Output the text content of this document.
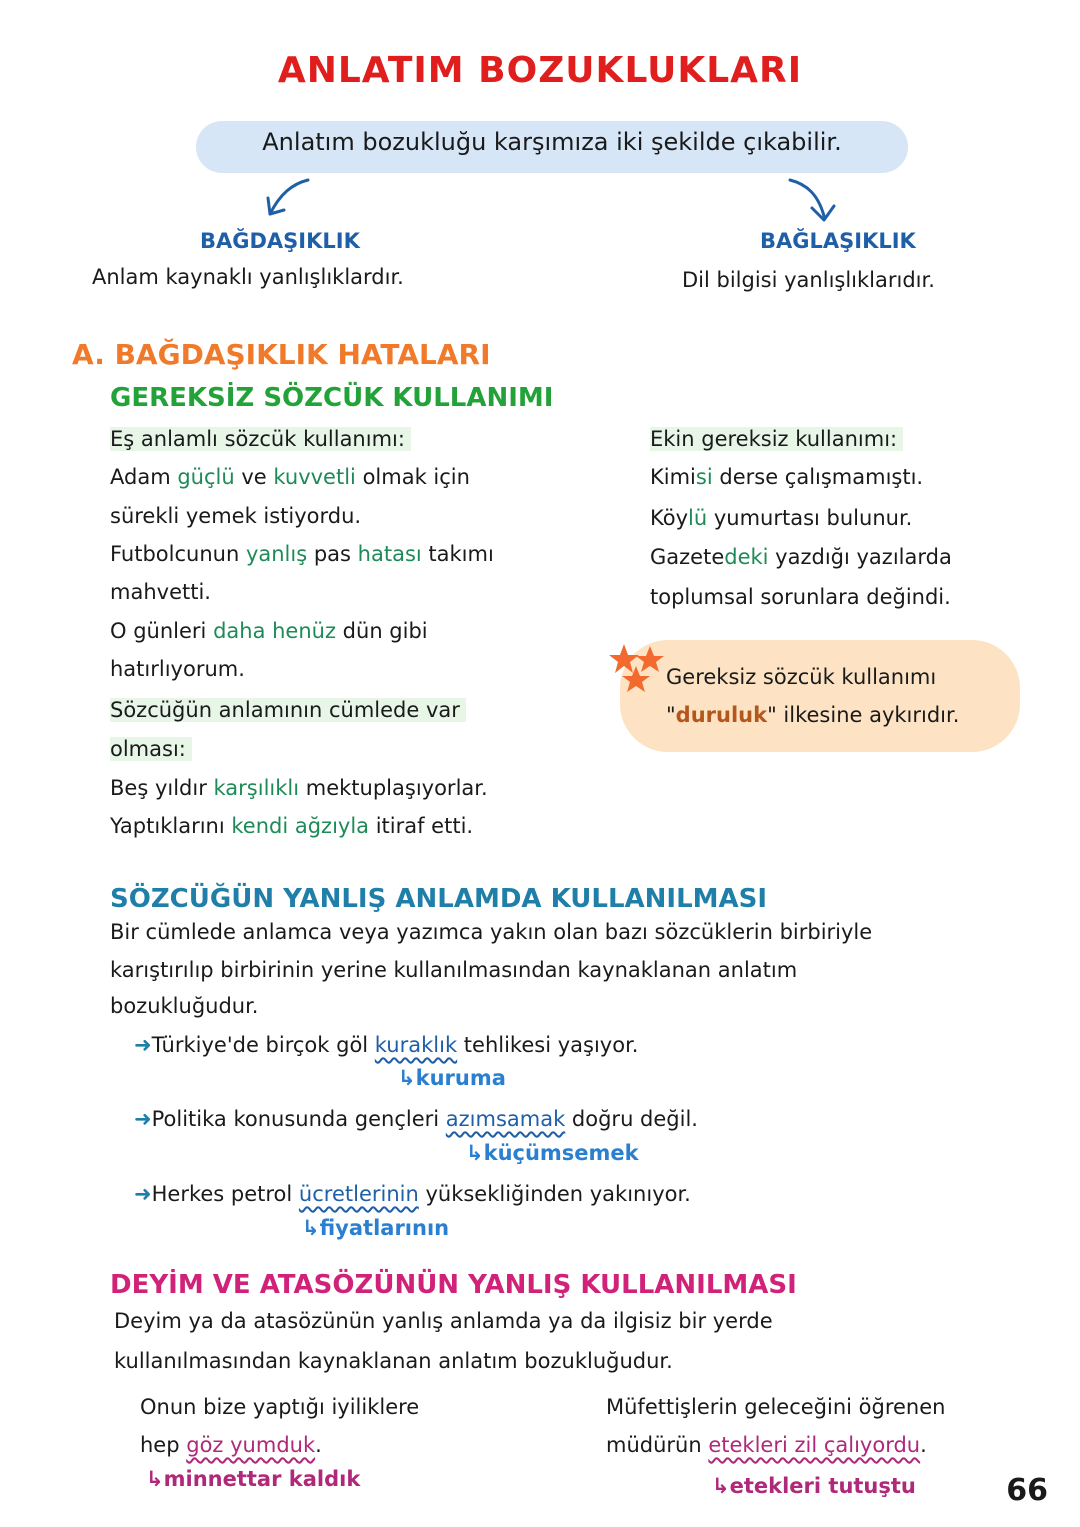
ANLATIM BOZUKLUKLARI
Anlatım bozukluğu karşımıza iki şekilde çıkabilir.
BAĞDAŞIKLIK
Anlam kaynaklı yanlışlıklardır.
BAĞLAŞIKLIK
Dil bilgisi yanlışlıklarıdır.
A. BAĞDAŞIKLIK HATALARI
GEREKSİZ SÖZCÜK KULLANIMI
Eş anlamlı sözcük kullanımı:
Adam güçlü ve kuvvetli olmak için
sürekli yemek istiyordu.
Futbolcunun yanlış pas hatası takımı
mahvetti.
O günleri daha henüz dün gibi
hatırlıyorum.
Sözcüğün anlamının cümlede var
olması:
Beş yıldır karşılıklı mektuplaşıyorlar.
Yaptıklarını kendi ağzıyla itiraf etti.
Ekin gereksiz kullanımı:
Kimisi derse çalışmamıştı.
Köylü yumurtası bulunur.
Gazetedeki yazdığı yazılarda
toplumsal sorunlara değindi.
Gereksiz sözcük kullanımı
"duruluk" ilkesine aykırıdır.
SÖZCÜĞÜN YANLIŞ ANLAMDA KULLANILMASI
Bir cümlede anlamca veya yazımca yakın olan bazı sözcüklerin birbiriyle
karıştırılıp birbirinin yerine kullanılmasından kaynaklanan anlatım
bozukluğudur.
➜Türkiye'de birçok göl kuraklık tehlikesi yaşıyor.
↳kuruma
➜Politika konusunda gençleri azımsamak doğru değil.
↳küçümsemek
➜Herkes petrol ücretlerinin yüksekliğinden yakınıyor.
↳fiyatlarının
DEYİM VE ATASÖZÜNÜN YANLIŞ KULLANILMASI
Deyim ya da atasözünün yanlış anlamda ya da ilgisiz bir yerde
kullanılmasından kaynaklanan anlatım bozukluğudur.
Onun bize yaptığı iyiliklere
hep göz yumduk.
↳minnettar kaldık
Müfettişlerin geleceğini öğrenen
müdürün etekleri zil çalıyordu.
↳etekleri tutuştu	66
